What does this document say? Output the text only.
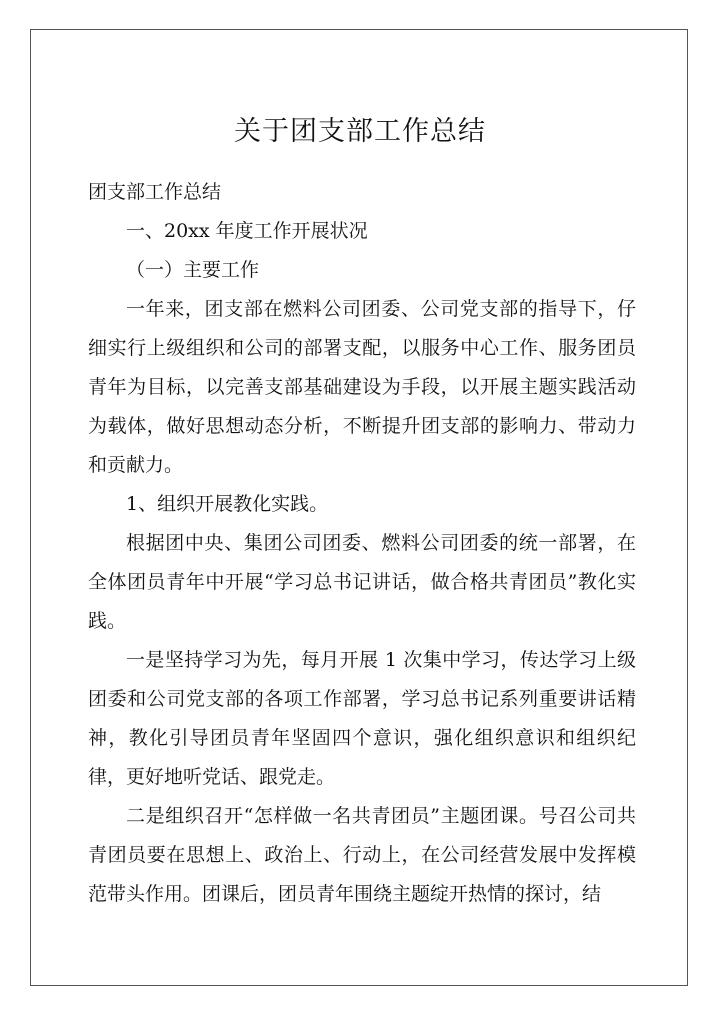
关于团支部工作总结

团支部工作总结

一、20xx 年度工作开展状况

（一）主要工作

一年来，团支部在燃料公司团委、公司党支部的指导下，仔细实行上级组织和公司的部署支配，以服务中心工作、服务团员青年为目标，以完善支部基础建设为手段，以开展主题实践活动为载体，做好思想动态分析，不断提升团支部的影响力、带动力和贡献力。

1、组织开展教化实践。

根据团中央、集团公司团委、燃料公司团委的统一部署，在全体团员青年中开展“学习总书记讲话，做合格共青团员”教化实践。

一是坚持学习为先，每月开展 1 次集中学习，传达学习上级团委和公司党支部的各项工作部署，学习总书记系列重要讲话精神，教化引导团员青年坚固四个意识，强化组织意识和组织纪律，更好地听党话、跟党走。

二是组织召开“怎样做一名共青团员”主题团课。号召公司共青团员要在思想上、政治上、行动上，在公司经营发展中发挥模范带头作用。团课后，团员青年围绕主题绽开热情的探讨，结
